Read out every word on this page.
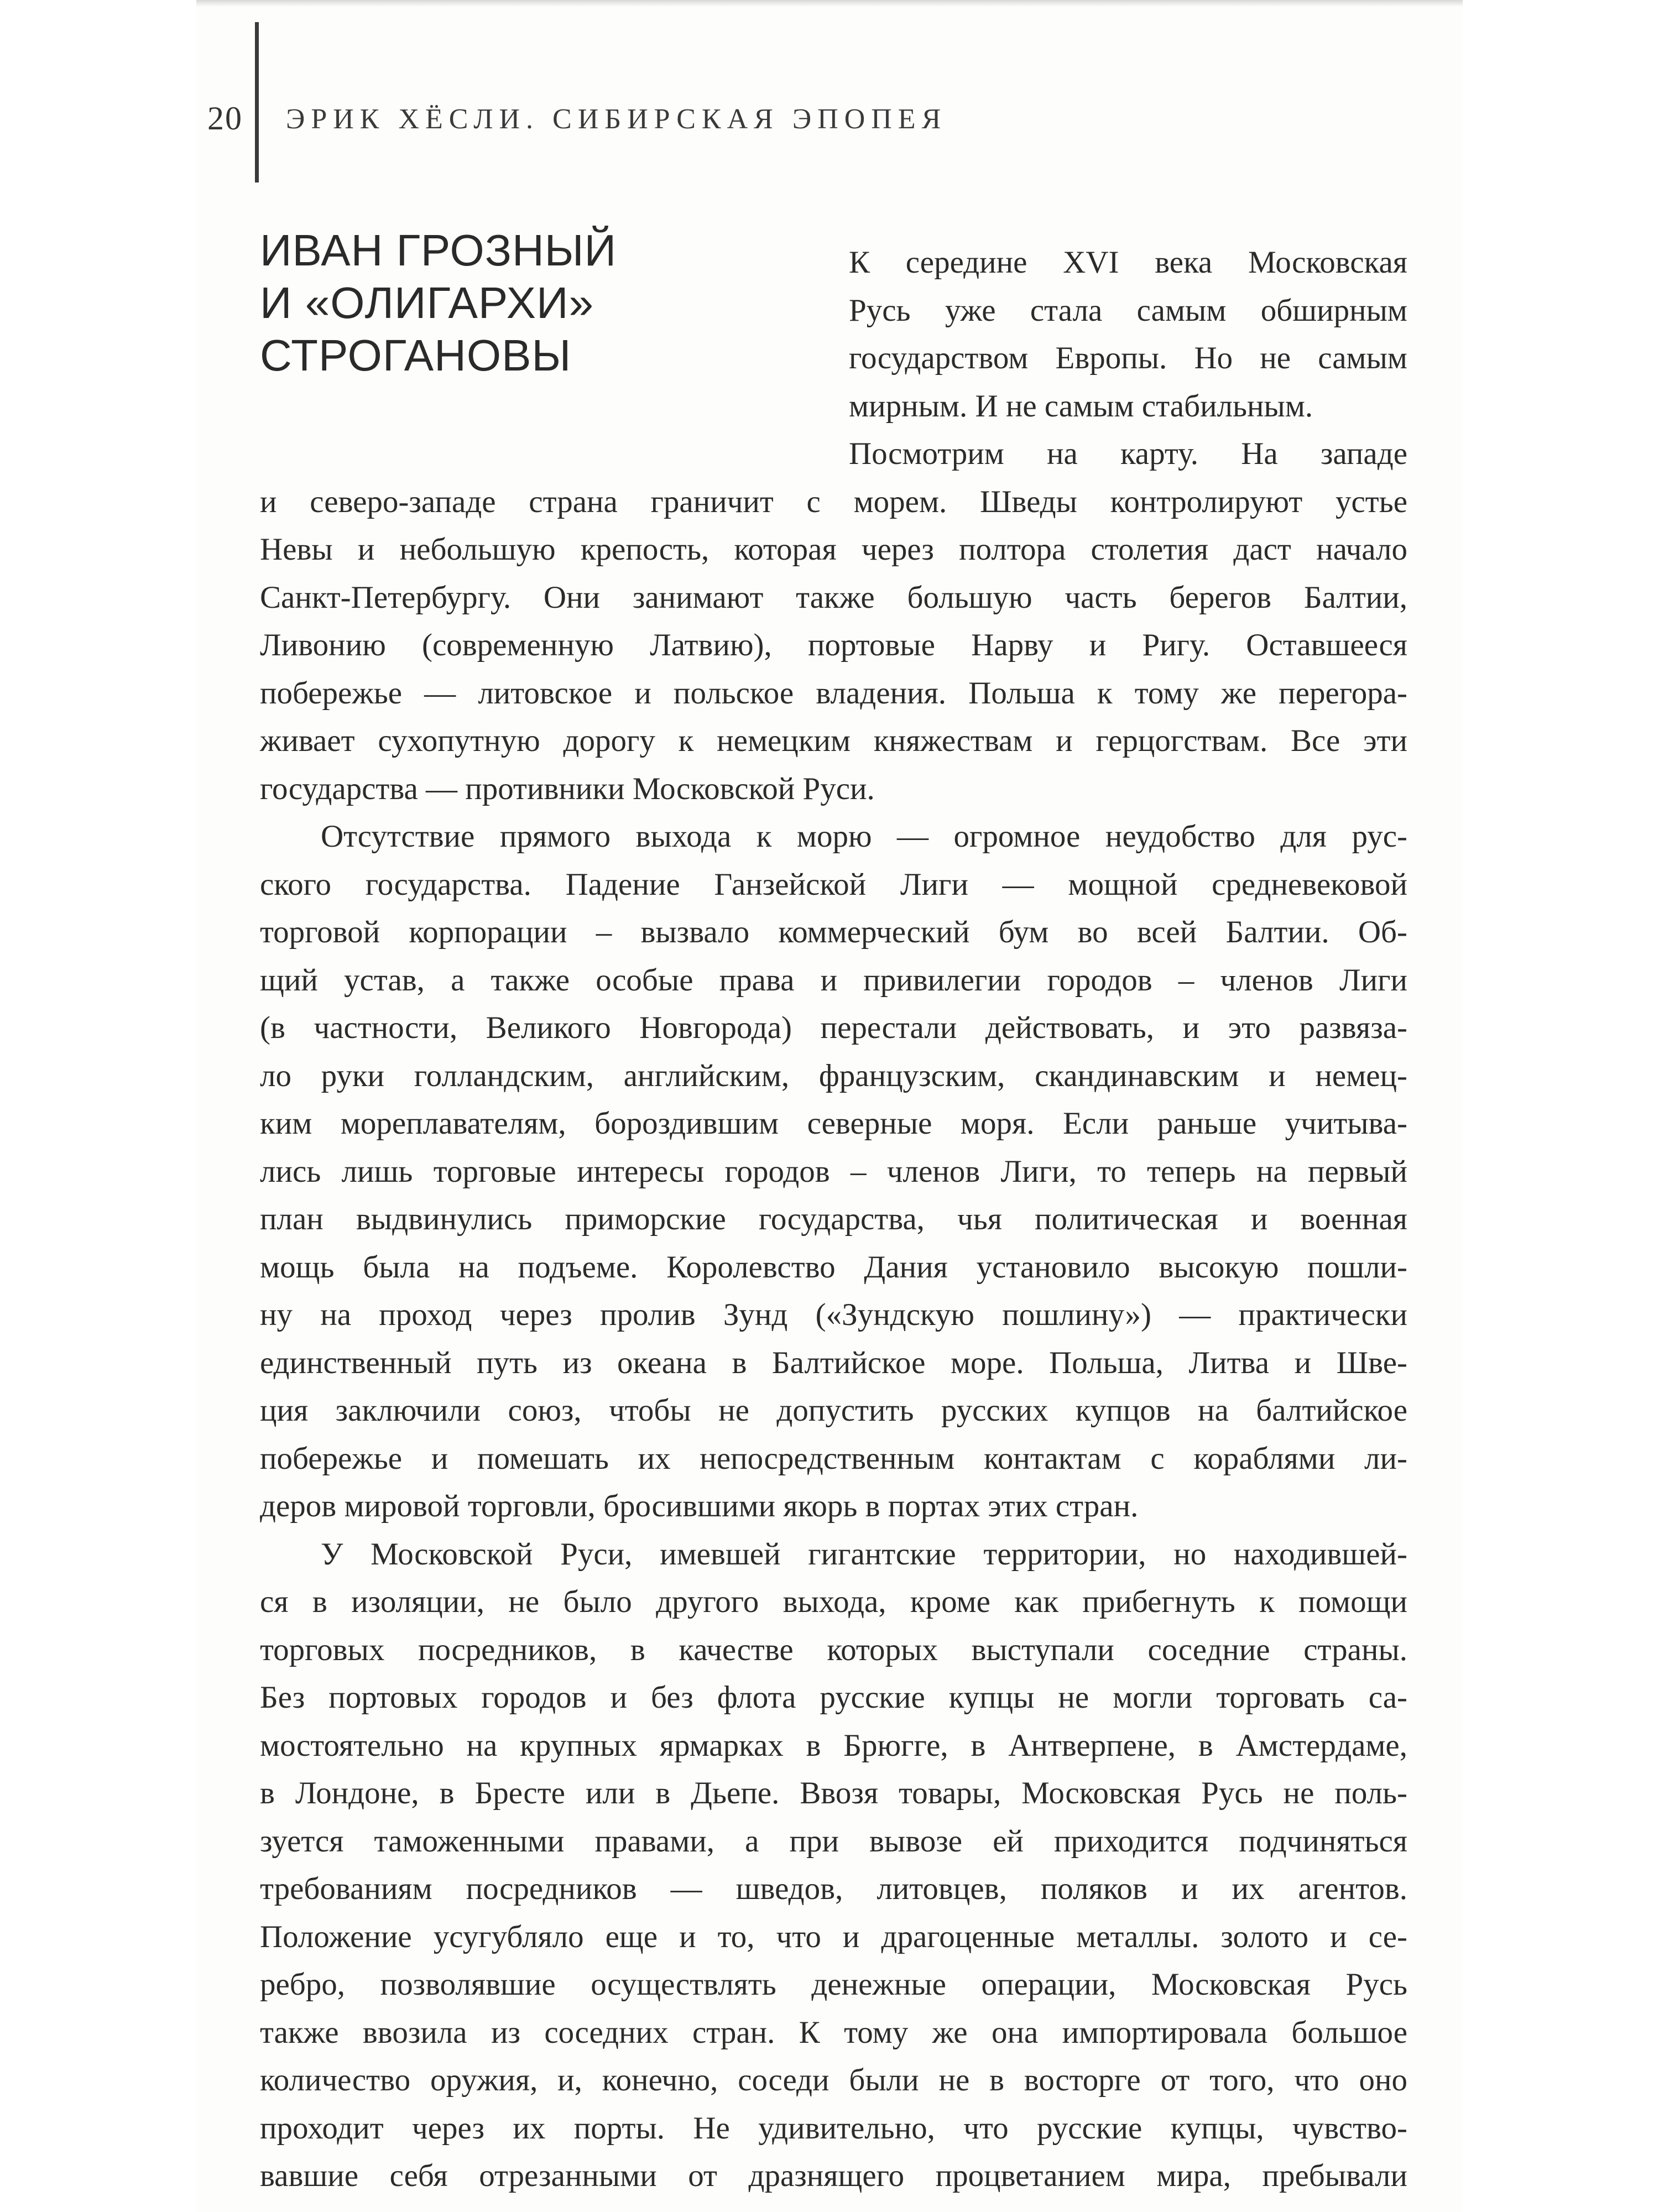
20 ЭРИК ХЁСЛИ. СИБИРСКАЯ ЭПОПЕЯ
ИВАН ГРОЗНЫЙ
И «ОЛИГАРХИ»
СТРОГАНОВЫ
К середине XVI века Московская
Русь уже стала самым обширным
государством Европы. Но не самым
мирным. И не самым стабильным.
Посмотрим на карту. На западе
и северо-западе страна граничит с морем. Шведы контролируют устье
Невы и небольшую крепость, которая через полтора столетия даст начало
Санкт-Петербургу. Они занимают также большую часть берегов Балтии,
Ливонию (современную Латвию), портовые Нарву и Ригу. Оставшееся
побережье — литовское и польское владения. Польша к тому же перегора-
живает сухопутную дорогу к немецким княжествам и герцогствам. Все эти
государства — противники Московской Руси.
Отсутствие прямого выхода к морю — огромное неудобство для рус-
ского государства. Падение Ганзейской Лиги — мощной средневековой
торговой корпорации – вызвало коммерческий бум во всей Балтии. Об-
щий устав, а также особые права и привилегии городов – членов Лиги
(в частности, Великого Новгорода) перестали действовать, и это развяза-
ло руки голландским, английским, французским, скандинавским и немец-
ким мореплавателям, бороздившим северные моря. Если раньше учитыва-
лись лишь торговые интересы городов – членов Лиги, то теперь на первый
план выдвинулись приморские государства, чья политическая и военная
мощь была на подъеме. Королевство Дания установило высокую пошли-
ну на проход через пролив Зунд («Зундскую пошлину») — практически
единственный путь из океана в Балтийское море. Польша, Литва и Шве-
ция заключили союз, чтобы не допустить русских купцов на балтийское
побережье и помешать их непосредственным контактам с кораблями ли-
деров мировой торговли, бросившими якорь в портах этих стран.
У Московской Руси, имевшей гигантские территории, но находившей-
ся в изоляции, не было другого выхода, кроме как прибегнуть к помощи
торговых посредников, в качестве которых выступали соседние страны.
Без портовых городов и без флота русские купцы не могли торговать са-
мостоятельно на крупных ярмарках в Брюгге, в Антверпене, в Амстердаме,
в Лондоне, в Бресте или в Дьепе. Ввозя товары, Московская Русь не поль-
зуется таможенными правами, а при вывозе ей приходится подчиняться
требованиям посредников — шведов, литовцев, поляков и их агентов.
Положение усугубляло еще и то, что и драгоценные металлы. золото и се-
ребро, позволявшие осуществлять денежные операции, Московская Русь
также ввозила из соседних стран. К тому же она импортировала большое
количество оружия, и, конечно, соседи были не в восторге от того, что оно
проходит через их порты. Не удивительно, что русские купцы, чувство-
вавшие себя отрезанными от дразнящего процветанием мира, пребывали
